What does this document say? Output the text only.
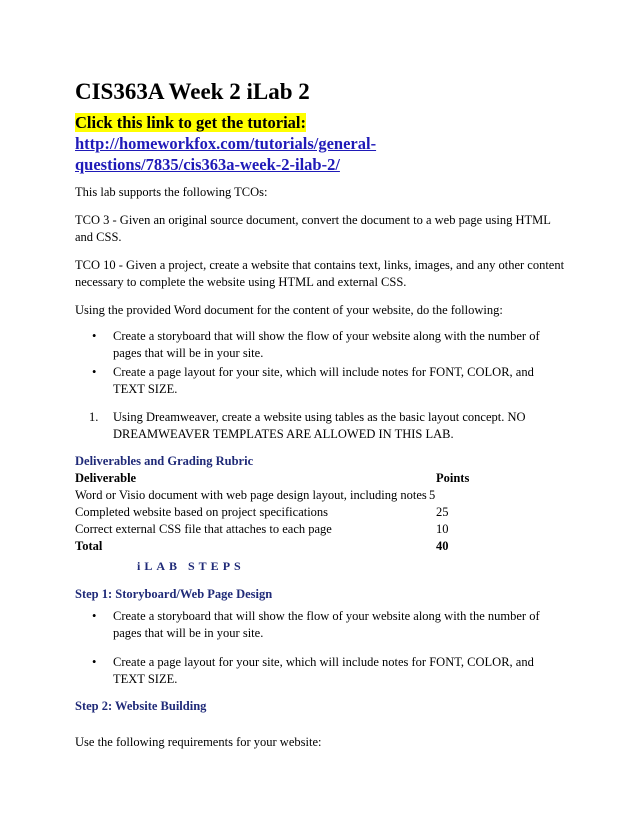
CIS363A Week 2 iLab 2
Click this link to get the tutorial:
http://homeworkfox.com/tutorials/general-
questions/7835/cis363a-week-2-ilab-2/

This lab supports the following TCOs:

TCO 3 - Given an original source document, convert the document to a web page using HTML and CSS.

TCO 10 - Given a project, create a website that contains text, links, images, and any other content necessary to complete the website using HTML and external CSS.

Using the provided Word document for the content of your website, do the following:

• Create a storyboard that will show the flow of your website along with the number of pages that will be in your site.
• Create a page layout for your site, which will include notes for FONT, COLOR, and TEXT SIZE.
1. Using Dreamweaver, create a website using tables as the basic layout concept. NO DREAMWEAVER TEMPLATES ARE ALLOWED IN THIS LAB.
Deliverables and Grading Rubric
Deliverable	Points
Word or Visio document with web page design layout, including notes 5
Completed website based on project specifications	25
Correct external CSS file that attaches to each page	10
Total	40
iLAB STEPS
Step 1: Storyboard/Web Page Design
• Create a storyboard that will show the flow of your website along with the number of pages that will be in your site.
• Create a page layout for your site, which will include notes for FONT, COLOR, and TEXT SIZE.
Step 2: Website Building

Use the following requirements for your website:
